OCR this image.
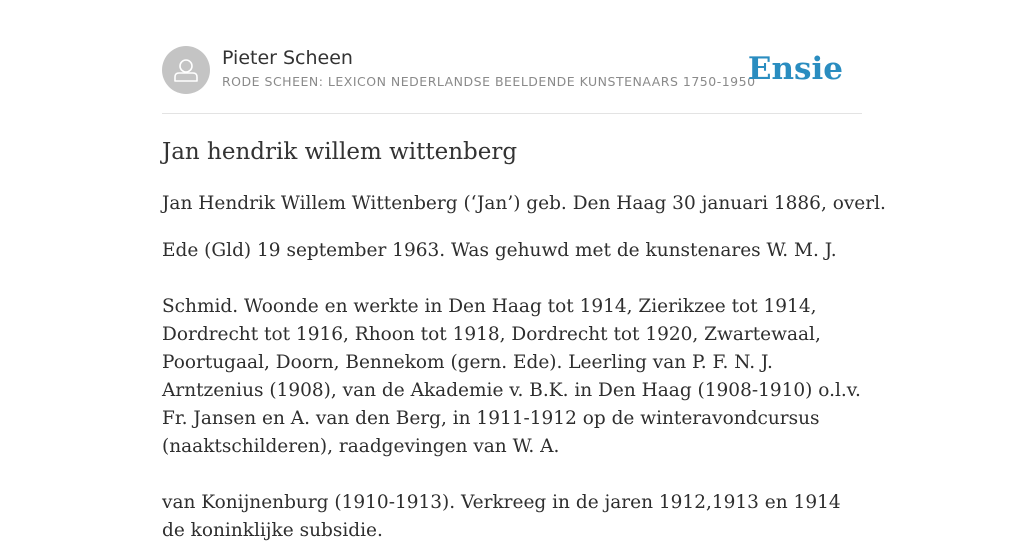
Pieter Scheen
RODE SCHEEN: LEXICON NEDERLANDSE BEELDENDE KUNSTENAARS 1750-1950
Ensie
Jan hendrik willem wittenberg

Jan Hendrik Willem Wittenberg (‘Jan’) geb. Den Haag 30 januari 1886, overl.

Ede (Gld) 19 september 1963. Was gehuwd met de kunstenares W. M. J.

Schmid. Woonde en werkte in Den Haag tot 1914, Zierikzee tot 1914, Dordrecht tot 1916, Rhoon tot 1918, Dordrecht tot 1920, Zwartewaal, Poortugaal, Doorn, Bennekom (gern. Ede). Leerling van P. F. N. J. Arntzenius (1908), van de Akademie v. B.K. in Den Haag (1908-1910) o.l.v. Fr. Jansen en A. van den Berg, in 1911-1912 op de winteravondcursus (naaktschilderen), raadgevingen van W. A.

van Konijnenburg (1910-1913). Verkreeg in de jaren 1912,1913 en 1914 de koninklijke subsidie.
